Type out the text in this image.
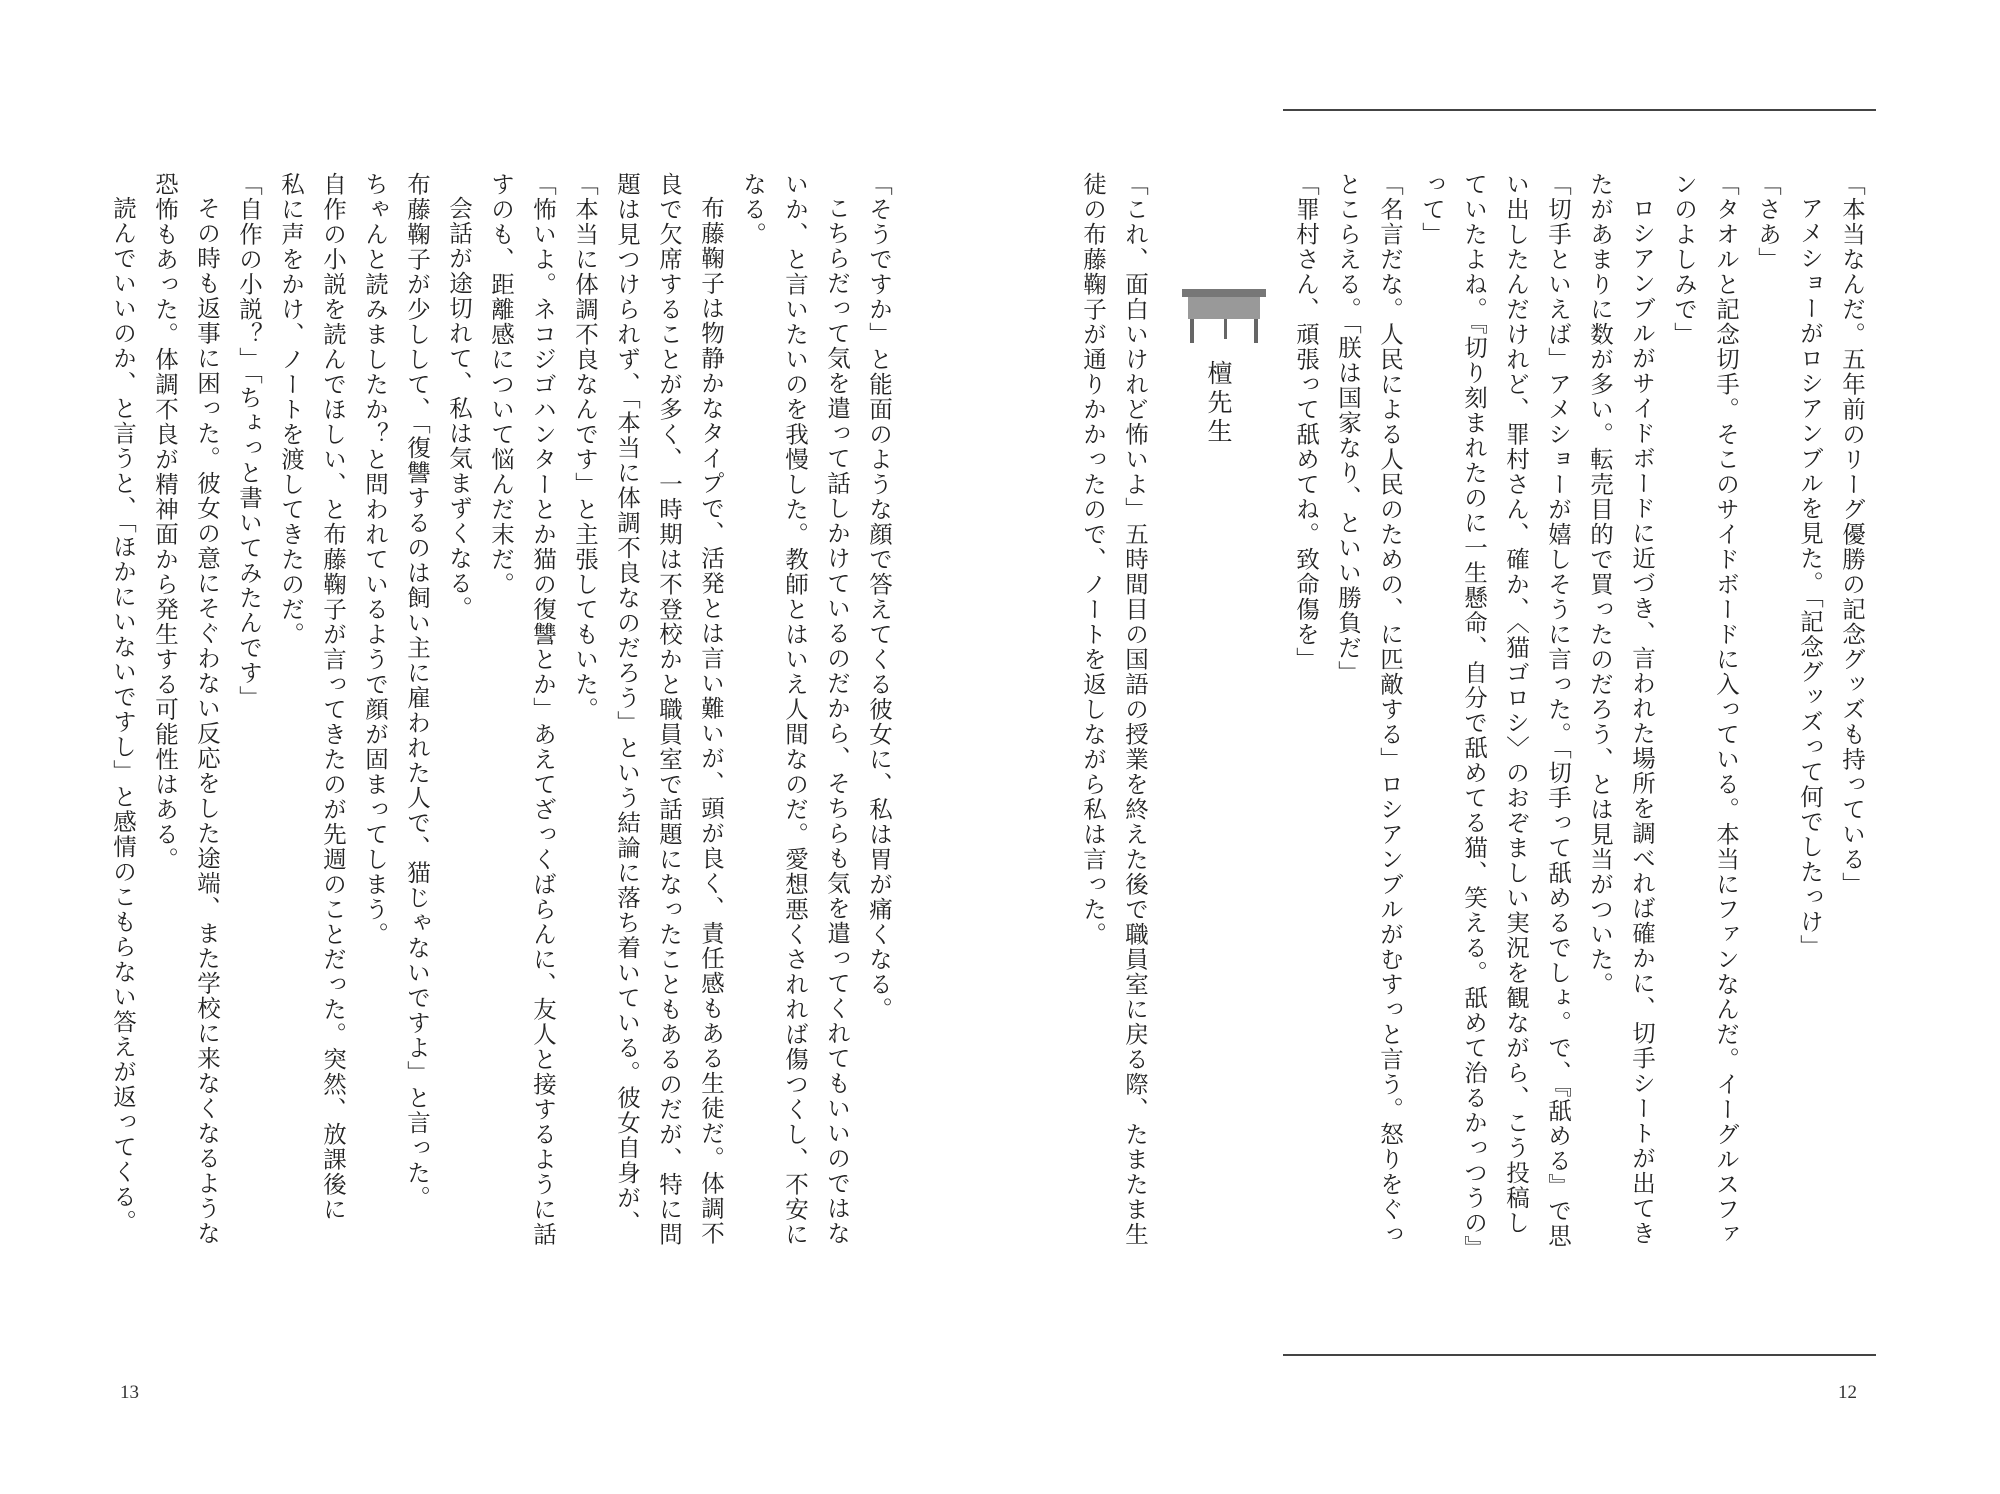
「そうですか」と能面のような顔で答えてくる彼女に、私は胃が痛くなる。
こちらだって気を遣って話しかけているのだから、そちらも気を遣ってくれてもいいのではな
いか、と言いたいのを我慢した。教師とはいえ人間なのだ。愛想悪くされれば傷つくし、不安に
なる。
布藤鞠子は物静かなタイプで、活発とは言い難いが、頭が良く、責任感もある生徒だ。体調不
良で欠席することが多く、一時期は不登校かと職員室で話題になったこともあるのだが、特に問
題は見つけられず、「本当に体調不良なのだろう」という結論に落ち着いている。彼女自身が、
「本当に体調不良なんです」と主張してもいた。
「怖いよ。ネコジゴハンターとか猫の復讐とか」あえてざっくばらんに、友人と接するように話
すのも、距離感について悩んだ末だ。
会話が途切れて、私は気まずくなる。
布藤鞠子が少しして、「復讐するのは飼い主に雇われた人で、猫じゃないですよ」と言った。
ちゃんと読みましたか？と問われているようで顔が固まってしまう。
自作の小説を読んでほしい、と布藤鞠子が言ってきたのが先週のことだった。突然、放課後に
私に声をかけ、ノートを渡してきたのだ。
「自作の小説？」「ちょっと書いてみたんです」
その時も返事に困った。彼女の意にそぐわない反応をした途端、また学校に来なくなるような
恐怖もあった。体調不良が精神面から発生する可能性はある。
読んでいいのか、と言うと、「ほかにいないですし」と感情のこもらない答えが返ってくる。
13
「本当なんだ。五年前のリーグ優勝の記念グッズも持っている」
アメショーがロシアンブルを見た。「記念グッズって何でしたっけ」
「さあ」
「タオルと記念切手。そこのサイドボードに入っている。本当にファンなんだ。イーグルスファ
ンのよしみで」
ロシアンブルがサイドボードに近づき、言われた場所を調べれば確かに、切手シートが出てき
たがあまりに数が多い。転売目的で買ったのだろう、とは見当がついた。
「切手といえば」アメショーが嬉しそうに言った。「切手って舐めるでしょ。で、『舐める』で思
い出したんだけれど、罪村さん、確か、〈猫ゴロシ〉のおぞましい実況を観ながら、こう投稿し
ていたよね。『切り刻まれたのに一生懸命、自分で舐めてる猫、笑える。舐めて治るかっつうの』
って」
「名言だな。人民による人民のための、に匹敵する」ロシアンブルがむすっと言う。怒りをぐっ
とこらえる。「朕は国家なり、といい勝負だ」
「罪村さん、頑張って舐めてね。致命傷を」
檀先生
「これ、面白いけれど怖いよ」五時間目の国語の授業を終えた後で職員室に戻る際、たまたま生
徒の布藤鞠子が通りかかったので、ノートを返しながら私は言った。
12
